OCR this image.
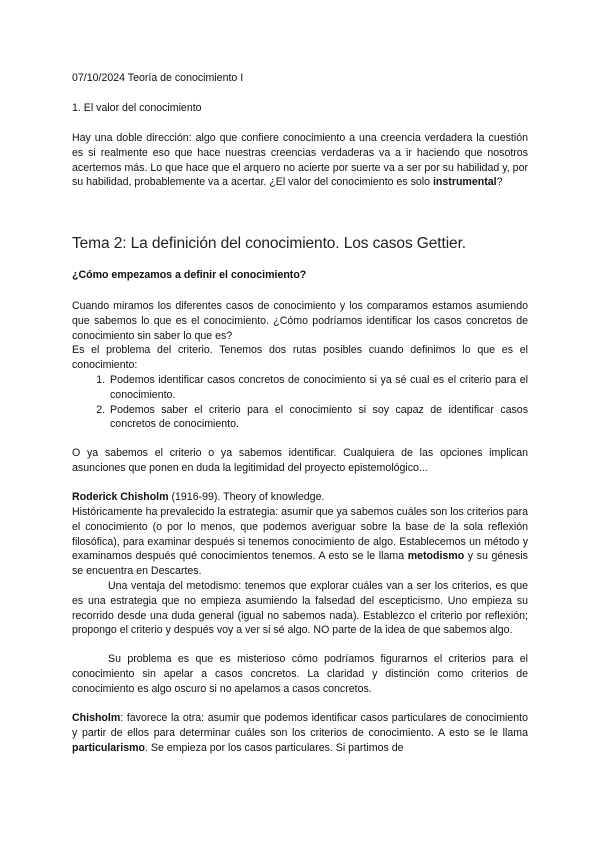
07/10/2024 Teoría de conocimiento I

1. El valor del conocimiento

Hay una doble dirección: algo que confiere conocimiento a una creencia verdadera la cuestión es si realmente eso que hace nuestras creencias verdaderas va a ir haciendo que nosotros acertemos más. Lo que hace que el arquero no acierte por suerte va a ser por su habilidad y, por su habilidad, probablemente va a acertar. ¿El valor del conocimiento es solo instrumental?

Tema 2: La definición del conocimiento. Los casos Gettier.
¿Cómo empezamos a definir el conocimiento?

Cuando miramos los diferentes casos de conocimiento y los comparamos estamos asumiendo que sabemos lo que es el conocimiento. ¿Cómo podríamos identificar los casos concretos de conocimiento sin saber lo que es?

Es el problema del criterio. Tenemos dos rutas posibles cuando definimos lo que es el conocimiento:

1. Podemos identificar casos concretos de conocimiento si ya sé cual es el criterio para el conocimiento.
2. Podemos saber el criterio para el conocimiento si soy capaz de identificar casos concretos de conocimiento.

O ya sabemos el criterio o ya sabemos identificar. Cualquiera de las opciones implican asunciones que ponen en duda la legitimidad del proyecto epistemológico...

Roderick Chisholm (1916-99). Theory of knowledge.

Históricamente ha prevalecido la estrategia: asumir que ya sabemos cuáles son los criterios para el conocimiento (o por lo menos, que podemos averiguar sobre la base de la sola reflexión filosófica), para examinar después si tenemos conocimiento de algo. Establecemos un método y examinamos después qué conocimientos tenemos. A esto se le llama metodismo y su génesis se encuentra en Descartes.

Una ventaja del metodismo: tenemos que explorar cuáles van a ser los criterios, es que es una estrategia que no empieza asumiendo la falsedad del escepticismo. Uno empieza su recorrido desde una duda general (igual no sabemos nada). Establezco el criterio por reflexión; propongo el criterio y después voy a ver si sé algo. NO parte de la idea de que sabemos algo.

Su problema es que es misterioso cómo podríamos figurarnos el criterios para el conocimiento sin apelar a casos concretos. La claridad y distinción como criterios de conocimiento es algo oscuro si no apelamos a casos concretos.

Chisholm: favorece la otra: asumir que podemos identificar casos particulares de conocimiento y partir de ellos para determinar cuáles son los criterios de conocimiento. A esto se le llama particularismo. Se empieza por los casos particulares. Si partimos de
